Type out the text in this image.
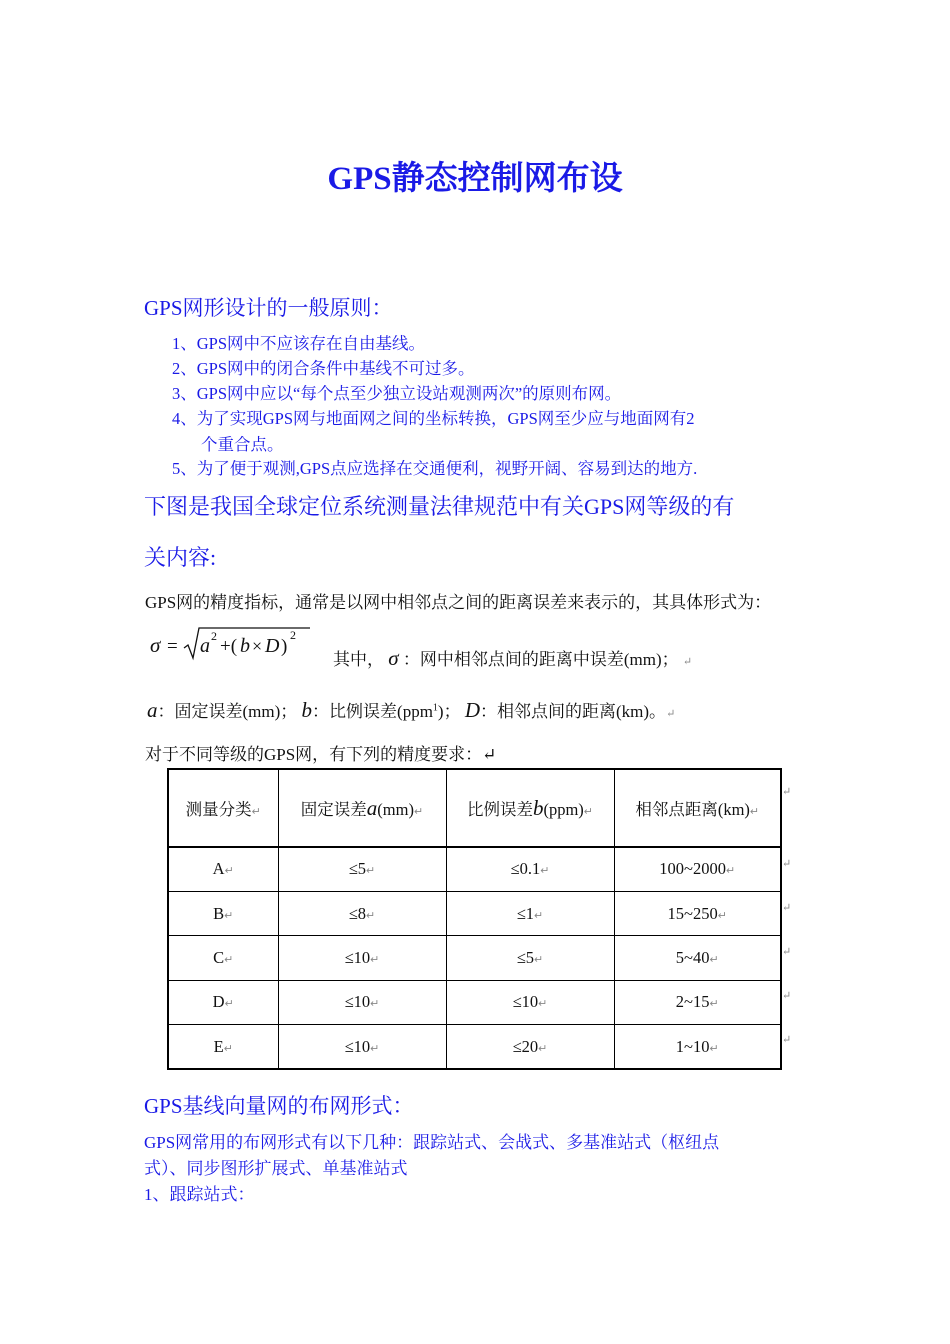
GPS静态控制网布设

GPS网形设计的一般原则：

1、GPS网中不应该存在自由基线。

2、GPS网中的闭合条件中基线不可过多。

3、GPS网中应以“每个点至少独立设站观测两次”的原则布网。

4、为了实现GPS网与地面网之间的坐标转换，GPS网至少应与地面网有2

个重合点。

5、为了便于观测,GPS点应选择在交通便利，视野开阔、容易到达的地方.

下图是我国全球定位系统测量法律规范中有关GPS网等级的有

关内容:

GPS网的精度指标，通常是以网中相邻点之间的距离误差来表示的，其具体形式为：

σ = a 2 +( b × D )
2

其中， σ ：网中相邻点间的距离中误差(mm)； ↵

a：固定误差(mm)； b：比例误差(ppm$^1$)； D：相邻点间的距离(km)。↵

对于不同等级的GPS网，有下列的精度要求：↵

测量分类↵	固定误差a(mm)↵	比例误差b(ppm)↵	相邻点距离(km)↵
A↵	≤5↵	≤0.1↵	100~2000↵
B↵	≤8↵	≤1↵	15~250↵
C↵	≤10↵	≤5↵	5~40↵
D↵	≤10↵	≤10↵	2~15↵
E↵	≤10↵	≤20↵	1~10↵
↵
↵
↵
↵
↵
↵

GPS基线向量网的布网形式：

GPS网常用的布网形式有以下几种：跟踪站式、会战式、多基准站式（枢纽点

式）、同步图形扩展式、单基准站式

1、跟踪站式：
